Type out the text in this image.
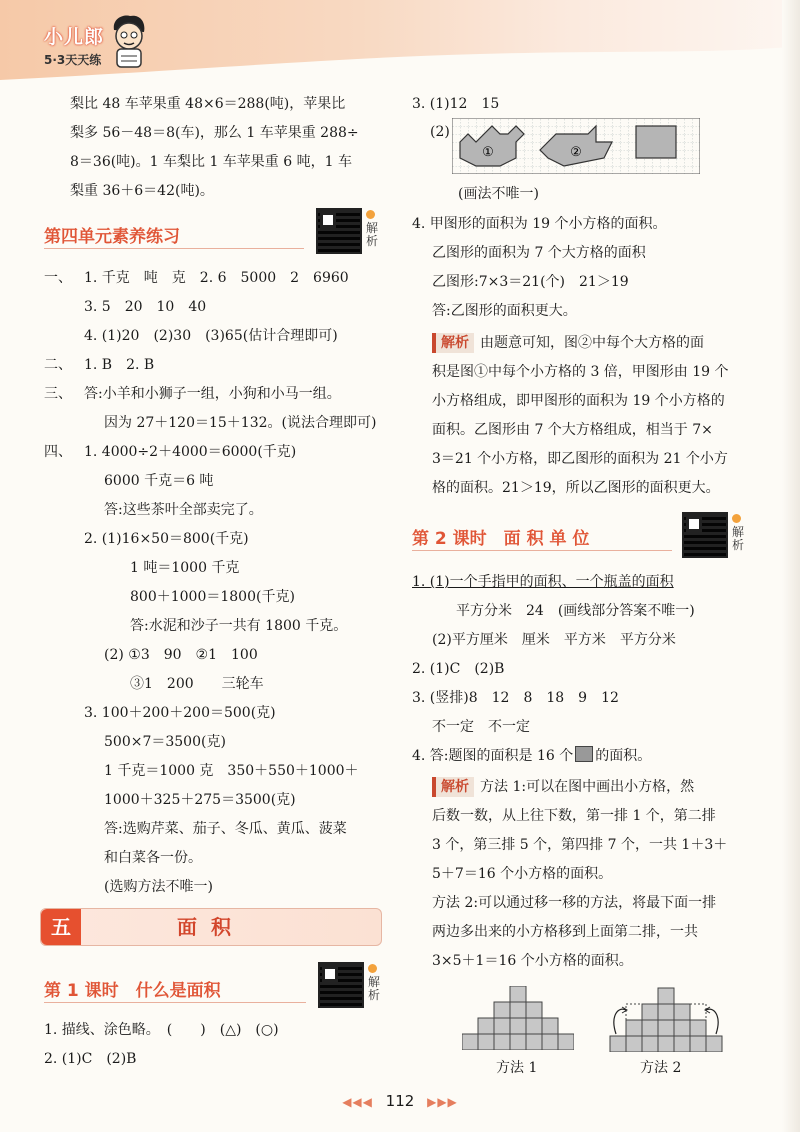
小儿郎
5·3天天练
梨比 48 车苹果重 48×6＝288(吨)，苹果比
梨多 56－48＝8(车)，那么 1 车苹果重 288÷
8＝36(吨)。1 车梨比 1 车苹果重 6 吨，1 车
梨重 36＋6＝42(吨)。
第四单元素养练习	解析
一、 1. 千克　吨　克　2. 6　5000　2　6960
3. 5　20　10　40
4. (1)20　(2)30　(3)65(估计合理即可)
二、 1. B　2. B
三、 答:小羊和小狮子一组，小狗和小马一组。
因为 27＋120＝15＋132。(说法合理即可)
四、 1. 4000÷2＋4000＝6000(千克)
6000 千克＝6 吨
答:这些茶叶全部卖完了。
2. (1)16×50＝800(千克)
1 吨＝1000 千克
800＋1000＝1800(千克)
答:水泥和沙子一共有 1800 千克。
(2) ①3　90　②1　100
③1　200　　三轮车
3. 100＋200＋200＝500(克)
500×7＝3500(克)
1 千克＝1000 克　350＋550＋1000＋
1000＋325＋275＝3500(克)
答:选购芹菜、茄子、冬瓜、黄瓜、菠菜
和白菜各一份。
(选购方法不唯一)
面积
五
第 1 课时　什么是面积	解析
1. 描线、涂色略。　(　　)　(△)　(○)
2. (1)C　(2)B
3. (1)12　15
(2)
①	②
(画法不唯一)
4. 甲图形的面积为 19 个小方格的面积。
乙图形的面积为 7 个大方格的面积
乙图形:7×3＝21(个)　21＞19
答:乙图形的面积更大。
解析 由题意可知，图②中每个大方格的面
积是图①中每个小方格的 3 倍，甲图形由 19 个
小方格组成，即甲图形的面积为 19 个小方格的
面积。乙图形由 7 个大方格组成，相当于 7×
3＝21 个小方格，即乙图形的面积为 21 个小方
格的面积。21＞19，所以乙图形的面积更大。
第 2 课时　面 积 单 位	解析
1. (1)一个手指甲的面积、一个瓶盖的面积
平方分米　24　(画线部分答案不唯一)
(2)平方厘米　厘米　平方米　平方分米
2. (1)C　(2)B
3. (竖排)8　12　8　18　9　12
不一定　不一定
4. 答:题图的面积是 16 个 的面积。
解析 方法 1:可以在图中画出小方格，然
后数一数，从上往下数，第一排 1 个，第二排
3 个，第三排 5 个，第四排 7 个，一共 1＋3＋
5＋7＝16 个小方格的面积。
方法 2:可以通过移一移的方法，将最下面一排
两边多出来的小方格移到上面第二排，一共
3×5＋1＝16 个小方格的面积。
方法 1	方法 2
◀◀◀ 112 ▶▶▶
